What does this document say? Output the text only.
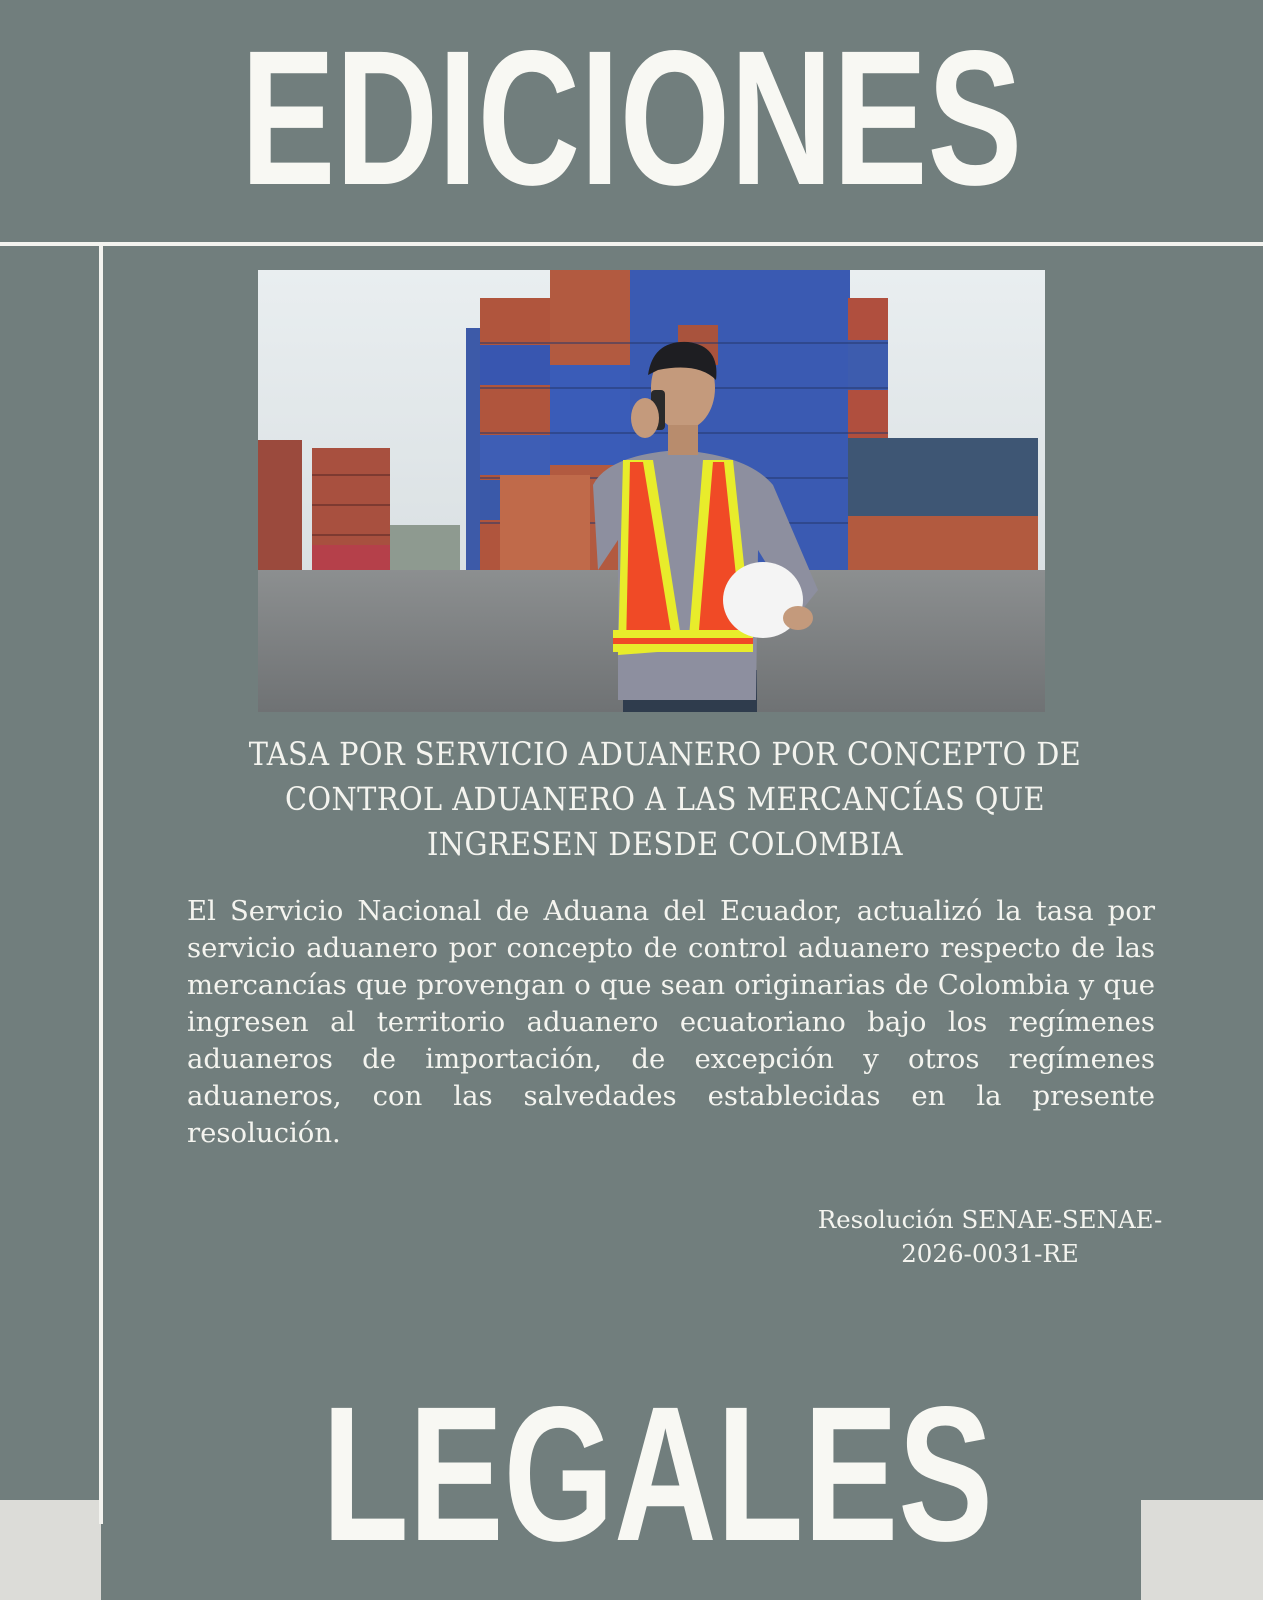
EDICIONES
TASA POR SERVICIO ADUANERO POR CONCEPTO DE CONTROL ADUANERO A LAS MERCANCÍAS QUE INGRESEN DESDE COLOMBIA

El Servicio Nacional de Aduana del Ecuador, actualizó la tasa por servicio aduanero por concepto de control aduanero respecto de las mercancías que provengan o que sean originarias de Colombia y que ingresen al territorio aduanero ecuatoriano bajo los regímenes aduaneros de importación, de excepción y otros regímenes aduaneros, con las salvedades establecidas en la presente resolución.

Resolución SENAE-SENAE-
2026-0031-RE
LEGALES
